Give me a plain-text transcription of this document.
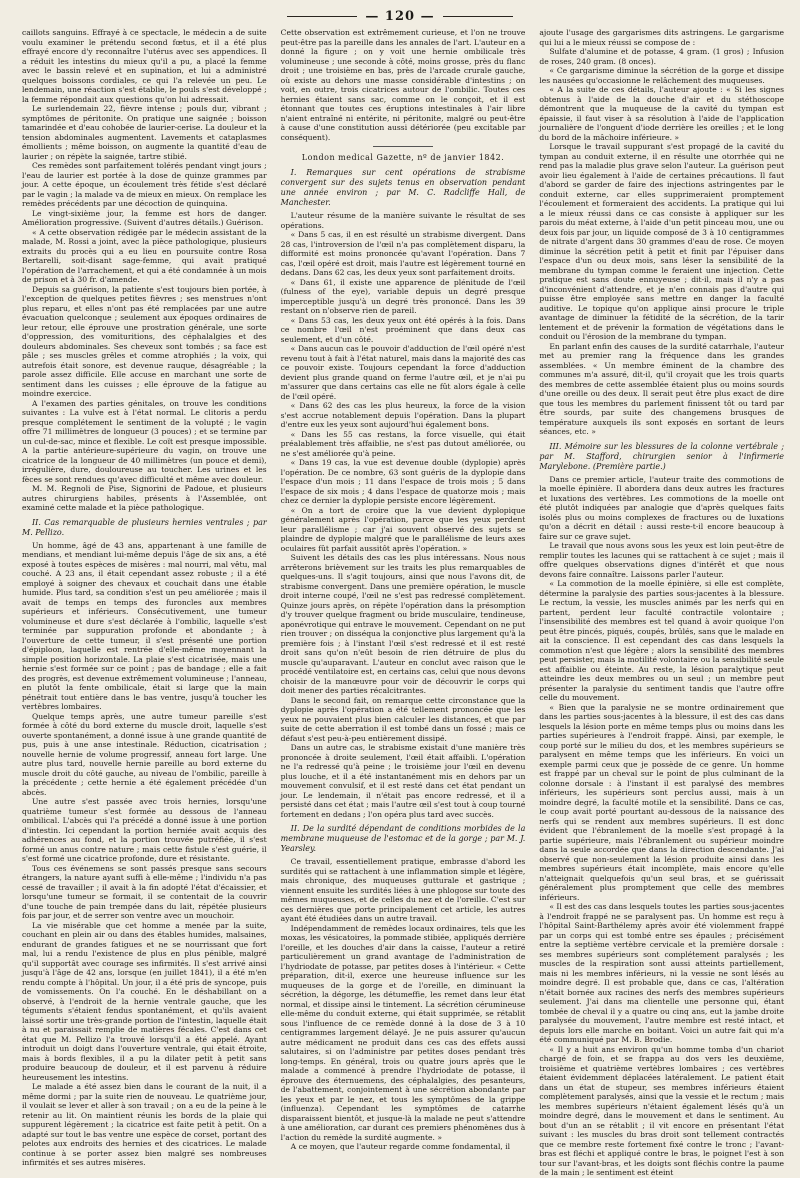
— 120 —

caillots sanguins. Effrayé à ce spectacle, le médecin a de suite voulu examiner le prétendu second fœtus, et il a été plus effrayé encore d'y reconnaître l'utérus avec ses appendices. Il a réduit les intestins du mieux qu'il a pu, a placé la femme avec le bassin relevé et en supination, et lui a administré quelques boissons cordiales, ce qui l'a relevée un peu. Le lendemain, une réaction s'est établie, le pouls s'est développé ; la femme répondait aux questions qu'on lui adressait.

Le surlendemain 22, fièvre intense ; pouls dur, vibrant ; symptômes de péritonite. On pratique une saignée ; boisson tamarindée et d'eau cohobée de laurier-cerise. La douleur et la tension abdominales augmentent. Lavements et cataplasmes émollients ; même boisson, on augmente la quantité d'eau de laurier ; on répète la saignée, tartre stibié.

Ces remèdes sont parfaitement tolérés pendant vingt jours ; l'eau de laurier est portée à la dose de quinze grammes par jour. A cette époque, un écoulement très fétide s'est déclaré par le vagin ; la malade va de mieux en mieux. On remplace les remèdes précédents par une décoction de quinquina.

Le vingt-sixième jour, la femme est hors de danger. Amélioration progressive. (Suivent d'autres détails.) Guérison.

« A cette observation rédigée par le médecin assistant de la malade, M. Rossi a joint, avec la pièce pathologique, plusieurs extraits du procès qui a eu lieu en poursuite contre Rosa Bertarelli, soit-disant sage-femme, qui avait pratiqué l'opération de l'arrachement, et qui a été condamnée à un mois de prison et à 30 fr. d'amende.

Depuis sa guérison, la patiente s'est toujours bien portée, à l'exception de quelques petites fièvres ; ses menstrues n'ont plus reparu, et elles n'ont pas été remplacées par une autre évacuation quelconque ; seulement aux époques ordinaires de leur retour, elle éprouve une prostration générale, une sorte d'oppression, des vomituritions, des céphalalgies et des douleurs abdominales. Ses cheveux sont tombés ; sa face est pâle ; ses muscles grêles et comme atrophiés ; la voix, qui autrefois était sonore, est devenue rauque, désagréable ; la parole assez difficile. Elle accuse en marchant une sorte de sentiment dans les cuisses ; elle éprouve de la fatigue au moindre exercice.

A l'examen des parties génitales, on trouve les conditions suivantes : La vulve est à l'état normal. Le clitoris a perdu presque complétement le sentiment de la volupté ; le vagin offre 71 millimètres de longueur (3 pouces) ; et se termine par un cul-de-sac, mince et flexible. Le coït est presque impossible. A la partie antérieure-supérieure du vagin, on trouve une cicatrice de la longueur de 40 millimètres (un pouce et demi), irrégulière, dure, douloureuse au toucher. Les urines et les fèces se sont rendues qu'avec difficulté et même avec douleur.

M. M. Regnoli de Pise, Signorini de Padoue, et plusieurs autres chirurgiens habiles, présents à l'Assemblée, ont examiné cette malade et la pièce pathologique.

II. Cas remarquable de plusieurs hernies ventrales ; par M. Pellizo.

Un homme, âgé de 43 ans, appartenant à une famille de mendians, et mendiant lui-même depuis l'âge de six ans, a été exposé à toutes espèces de misères : mal nourri, mal vêtu, mal couché. A 23 ans, il était cependant assez robuste ; il a été employé à soigner des chevaux et couchait dans une étable humide. Plus tard, sa condition s'est un peu améliorée ; mais il avait de temps en temps des furoncles aux membres supérieurs et inférieurs. Consécutivement, une tumeur volumineuse et dure s'est déclarée à l'ombilic, laquelle s'est terminée par suppuration profonde et abondante ; à l'ouverture de cette tumeur, il s'est présenté une portion d'épiploon, laquelle est rentrée d'elle-même moyennant la simple position horizontale. La plaie s'est cicatrisée, mais une hernie s'est formée sur ce point ; pas de bandage ; elle a fait des progrès, est devenue extrêmement volumineuse ; l'anneau, en plutôt la fente ombilicale, était si large que la main pénétrait tout entière dans le bas ventre, jusqu'à toucher les vertèbres lombaires.

Quelque temps après, une autre tumeur pareille s'est formée à côté du bord externe du muscle droit, laquelle s'est ouverte spontanément, a donné issue à une grande quantité de pus, puis à une anse intestinale. Réduction, cicatrisation ; nouvelle hernie de volume progressif, anneau fort large. Une autre plus tard, nouvelle hernie pareille au bord externe du muscle droit du côté gauche, au niveau de l'ombilic, pareille à la précédente ; cette hernie a été également précédée d'un abcès.

Une autre s'est passée avec trois hernies, lorsqu'une quatrième tumeur s'est formée au dessous de l'anneau ombilical. L'abcès qui l'a précédé a donné issue à une portion d'intestin. Ici cependant la portion herniée avait acquis des adhérences au fond, et la portion trouvée putréfiée, il s'est formé un anus contre nature ; mais cette fistule s'est guérie, il s'est formé une cicatrice profonde, dure et résistante.

Tous ces événemens se sont passés presque sans secours étrangers, la nature ayant suffi à elle-même ; l'individu n'a pas cessé de travailler ; il avait à la fin adopté l'état d'écaissier, et lorsqu'une tumeur se formait, il se contentait de la couvrir d'une touche de pain trempée dans du lait, répétée plusieurs fois par jour, et de serrer son ventre avec un mouchoir.

La vie misérable que cet homme a menée par la suite, couchant en plein air ou dans des étables humides, malsaines, endurant de grandes fatigues et ne se nourrissant que fort mal, lui a rendu l'existence de plus en plus pénible, malgré qu'il supportât avec courage ses infirmités. Il s'est arrivé ainsi jusqu'à l'âge de 42 ans, lorsque (en juillet 1841), il a été m'en rendu compte à l'hôpital. Un jour, il a été pris de syncope, puis de vomissements. On l'a couché. En le déshabillant on a observé, à l'endroit de la hernie ventrale gauche, que les téguments s'étaient fendus spontanément, et qu'ils avaient laissé sortir une très-grande portion de l'intestin, laquelle était à nu et paraissait remplie de matières fécales. C'est dans cet état que M. Pellizo l'a trouvé lorsqu'il a été appelé. Ayant introduit un doigt dans l'ouverture ventrale, qui était étroite, mais à bords flexibles, il a pu la dilater petit à petit sans produire beaucoup de douleur, et il est parvenu à réduire heureusement les intestins.

Le malade a été assez bien dans le courant de la nuit, il a même dormi ; par la suite rien de nouveau. Le quatrième jour, il voulait se lever et aller à son travail ; on a eu de la peine à le retenir au lit. On maintient réunis les bords de la plaie qui suppurent légèrement ; la cicatrice est faite petit à petit. On a adapté sur tout le bas ventre une espèce de corset, portant des pelotes aux endroits des hernies et des cicatrices. Le malade continue à se porter assez bien malgré ses nombreuses infirmités et ses autres misères.

Cette observation est extrêmement curieuse, et l'on ne trouve peut-être pas la pareille dans les annales de l'art. L'auteur en a donné la figure ; on y voit une hernie ombilicale très volumineuse ; une seconde à côté, moins grosse, près du flanc droit ; une troisième en bas, près de l'arcade crurale gauche, où existe au dehors une masse considérable d'intestins ; on voit, en outre, trois cicatrices autour de l'ombilic. Toutes ces hernies étaient sans sac, comme on le conçoit, et il est étonnant que toutes ces éruptions intestinales à l'air libre n'aient entraîné ni entérite, ni péritonite, malgré ou peut-être à cause d'une constitution aussi détériorée (peu excitable par conséquent).

London medical Gazette, nº de janvier 1842.
I. Remarques sur cent opérations de strabisme convergent sur des sujets tenus en observation pendant une année environ ; par M. C. Radcliffe Hall, de Manchester.

L'auteur résume de la manière suivante le résultat de ses opérations.

« Dans 5 cas, il en est résulté un strabisme divergent. Dans 28 cas, l'introversion de l'œil n'a pas complètement disparu, la difformité est moins prononcée qu'avant l'opération. Dans 7 cas, l'œil opéré est droit, mais l'autre est légèrement tourné en dedans. Dans 62 cas, les deux yeux sont parfaitement droits.

« Dans 61, il existe une apparence de plénitude de l'œil (fulness of the eye), variable depuis un degré presque imperceptible jusqu'à un degré très prononcé. Dans les 39 restant on n'observe rien de pareil.

« Dans 53 cas, les deux yeux ont été opérés à la fois. Dans ce nombre l'œil n'est proéminent que dans deux cas seulement, et d'un côté.

« Dans aucun cas le pouvoir d'adduction de l'œil opéré n'est revenu tout à fait à l'état naturel, mais dans la majorité des cas ce pouvoir existe. Toujours cependant la force d'adduction devient plus grande quand on ferme l'autre œil, et je n'ai pu m'assurer que dans certains cas elle ne fût alors égale à celle de l'œil opéré.

« Dans 62 des cas les plus heureux, la force de la vision s'est accrue notablement depuis l'opération. Dans la plupart d'entre eux les yeux sont aujourd'hui également bons.

« Dans les 55 cas restans, la force visuelle, qui était préalablement très affaiblie, ne s'est pas dutout améliorée, ou ne s'est améliorée qu'à peine.

« Dans 19 cas, la vue est devenue double (dyplopie) après l'opération. De ce nombre, 63 sont guéris de la dyplopie dans l'espace d'un mois ; 11 dans l'espace de trois mois ; 5 dans l'espace de six mois ; 4 dans l'espace de quatorze mois ; mais chez ce dernier la dyplopie persiste encore légèrement.

« On a tort de croire que la vue devient dyplopique généralement après l'opération, parce que les yeux perdent leur parallélisme ; car j'ai souvent observé des sujets se plaindre de dyplopie malgré que le parallélisme de leurs axes oculaires fût parfait aussitôt après l'opération. »

Suivent les détails des cas les plus intéressans. Nous nous arrêterons brièvement sur les traits les plus remarquables de quelques-uns. Il s'agit toujours, ainsi que nous l'avons dit, de strabisme convergent. Dans une première opération, le muscle droit interne coupé, l'œil ne s'est pas redressé complètement. Quinze jours après, on répète l'opération dans la présomption d'y trouver quelque fragment ou bride musculaire, tendineuse, aponévrotique qui entrave le mouvement. Cependant on ne put rien trouver ; on disséqua la conjonctive plus largement qu'à la première fois ; à l'instant l'œil s'est redressé et il est resté droit sans qu'on n'eût besoin de rien détruire de plus du muscle qu'auparavant. L'auteur en conclut avec raison que le procédé ventilatoire est, en certains cas, celui que nous devons choisir de la manœuvre pour voir de découvrir le corps qui doit mener des parties récalcitrantes.

Dans le second fait, on remarque cette circonstance que la dyplopie après l'opération a été tellement prononcée que les yeux ne pouvaient plus bien calculer les distances, et que par suite de cette aberration il est tombé dans un fossé ; mais ce défaut s'est peu-à-peu entièrement dissipé.

Dans un autre cas, le strabisme existait d'une manière très prononcée à droite seulement, l'œil était affaibli. L'opération ne l'a redressé qu'à peine ; le troisième jour l'œil en devenu plus louche, et il a été instantanément mis en dehors par un mouvement convulsif, et il est resté dans cet état pendant un jour. Le lendemain, il n'était pas encore redressé, et il a persisté dans cet état ; mais l'autre œil s'est tout à coup tourné fortement en dedans ; l'on opéra plus tard avec succès.

II. De la surdité dépendant de conditions morbides de la membrane muqueuse de l'estomac et de la gorge ; par M. J. Yearsley.

Ce travail, essentiellement pratique, embrasse d'abord les surdités qui se rattachent à une inflammation simple et légère, mais chronique, des muqueuses gutturale et gastrique ; viennent ensuite les surdités liées à une phlogose sur toute des mêmes muqueuses, et de celles du nez et de l'oreille. C'est sur ces dernières que porte principalement cet article, les autres ayant été étudiées dans un autre travail.

Indépendamment de remèdes locaux ordinaires, tels que les moxas, les vésicatoires, la pommade stibiée, appliqués derrière l'oreille, et les douches d'air dans la caisse, l'auteur a retiré particulièrement un grand avantage de l'administration de l'hydriodate de potasse, par petites doses à l'intérieur. « Cette préparation, dit-il, exerce une heureuse influence sur les muqueuses de la gorge et de l'oreille, en diminuant la sécrétion, la dégorge, les détumeffie, les remet dans leur état normal, et dissipe ainsi le tintement. La sécrétion cérumineuse elle-même du conduit externe, qui était supprimée, se rétablit sous l'influence de ce remède donné à la dose de 3 à 10 centigrammes largement délayé. Je ne puis assurer qu'aucun autre médicament ne produit dans ces cas des effets aussi salutaires, si on l'administre par petites doses pendant très long-temps. En général, trois ou quatre jours après que le malade a commencé à prendre l'hydriodate de potasse, il éprouve des éternuemens, des céphalalgies, des pesanteurs, de l'abattement, conjointement à une sécrétion abondante par les yeux et par le nez, et tous les symptômes de la grippe (influenza). Cependant les symptômes de catarrhe disparaissent bientôt, et jusque-là la malade ne peut s'attendre à une amélioration, car durant ces premiers phénomènes dus à l'action du remède la surdité augmente. »

A ce moyen, que l'auteur regarde comme fondamental, il

ajoute l'usage des gargarismes dits astringens. Le gargarisme qui lui a le mieux réussi se compose de :

Sulfate d'alumine et de potasse, 4 gram. (1 gros) ; Infusion de roses, 240 gram. (8 onces).

« Ce gargarisme diminue la sécrétion de la gorge et dissipe les nausées qu'occasionne le relâchement des muqueuses.

« A la suite de ces détails, l'auteur ajoute : « Si les signes obtenus à l'aide de la douche d'air et du stéthoscope démontrent que la muqueuse de la cavité du tympan est épaissie, il faut viser à sa résolution à l'aide de l'application journalière de l'onguent d'iode derrière les oreilles ; et le long du bord de la mâchoire inférieure. »

Lorsque le travail suppurant s'est propagé de la cavité du tympan au conduit externe, il en résulte une otorrhée qui ne rend pas la maladie plus grave selon l'auteur. La guérison peut avoir lieu également à l'aide de certaines précautions. Il faut d'abord se garder de faire des injections astringentes par le conduit externe, car elles supprimeraient promptement l'écoulement et formeraient des accidents. La pratique qui lui a le mieux réussi dans ce cas consiste à appliquer sur les parois du méat externe, à l'aide d'un petit pinceau mou, une ou deux fois par jour, un liquide composé de 3 à 10 centigrammes de nitrate d'argent dans 30 grammes d'eau de rose. Ce moyen diminue la sécrétion petit à petit et finit par l'épuiser dans l'espace d'un ou deux mois, sans léser la sensibilité de la membrane du tympan comme le feraient une injection. Cette pratique est sans doute ennuyeuse ; dit-il, mais il n'y a pas d'inconvénient d'attendre, et je n'en connais pas d'autre qui puisse être employée sans mettre en danger la faculté auditive. Le topique qu'on applique ainsi procure le triple avantage de diminuer la fétidité de la sécrétion, de la tarir lentement et de prévenir la formation de végétations dans le conduit ou l'érosion de la membrane du tympan.

En parlant enfin des causes de la surdité catarrhale, l'auteur met au premier rang la fréquence dans les grandes assemblées. « Un membre éminent de la chambre des communes m'a assuré, dit-il, qu'il croyait que les trois quarts des membres de cette assemblée étaient plus ou moins sourds d'une oreille ou des deux. Il serait peut être plus exact de dire que tous les membres du parlement finissent tôt ou tard par être sourds, par suite des changemens brusques de température auxquels ils sont exposés en sortant de leurs séances, etc. »

III. Mémoire sur les blessures de la colonne vertébrale ; par M. Stafford, chirurgien senior à l'infirmerie Marylebone. (Première partie.)

Dans ce premier article, l'auteur traite des commotions de la moelle épinière. Il abordera dans deux autres les fractures et luxations des vertèbres. Les commotions de la moelle ont été plutôt indiquées par analogie que d'après quelques faits isolés plus ou moins complexes de fractures ou de luxations qu'on a décrit en détail : aussi reste-t-il encore beaucoup à faire sur ce grave sujet.

Le travail que nous avons sous les yeux est loin peut-être de remplir toutes les lacunes qui se rattachent à ce sujet ; mais il offre quelques observations dignes d'intérêt et que nous devons faire connaître. Laissons parler l'auteur.

« La commotion de la moelle épinière, si elle est complète, détermine la paralysie des parties sous-jacentes à la blessure. Le rectum, la vessie, les muscles animés par les nerfs qui en partent, perdent leur faculté contractile volontaire ; l'insensibilité des membres est tel quand à avoir quoique l'on peut être pincés, piqués, coupés, brûlés, sans que le malade en ait la conscience. Il est cependant des cas dans lesquels la commotion n'est que légère ; alors la sensibilité des membres peut persister, mais la motilité volontaire ou la sensibilité seule est affaiblie ou éteinte. Au reste, la lésion paralytique peut atteindre les deux membres ou un seul ; un membre peut présenter la paralysie du sentiment tandis que l'autre offre celle du mouvement.

« Bien que la paralysie ne se montre ordinairement que dans les parties sous-jacentes à la blessure, il est des cas dans lesquels la lésion porte en même temps plus ou moins dans les parties supérieures à l'endroit frappé. Ainsi, par exemple, le coup porté sur le milieu du dos, et les membres supérieurs se paralysent en même temps que les inférieurs. En voici un exemple parmi ceux que je possède de ce genre. Un homme est frappé par un cheval sur le point de plus culminant de la colonne dorsale : à l'instant il est paralysé des membres inférieurs, les supérieurs sont perclus aussi, mais à un moindre degré, la faculté motile et la sensibilité. Dans ce cas, le coup avait porté pourtant au-dessous de la naissance des nerfs qui se rendent aux membres supérieurs. Il est donc évident que l'ébranlement de la moelle s'est propagé à la partie supérieure, mais l'ébranlement ou supérieur moindre dans la seule accordée que dans la direction descendante. J'ai observé que non-seulement la lésion produite ainsi dans les membres supérieurs était incomplète, mais encore qu'elle n'atteignait quelquefois qu'un seul bras, et se guérissait généralement plus promptement que celle des membres inférieurs.

« Il est des cas dans lesquels toutes les parties sous-jacentes à l'endroit frappé ne se paralysent pas. Un homme est reçu à l'hôpital Saint-Barthélemy après avoir été violemment frappé par un corps qui est tombé entre ses épaules ; précisément entre la septième vertèbre cervicale et la première dorsale : ses membres supérieurs sont complétement paralysés ; les muscles de la respiration sont aussi atteints partiellement, mais ni les membres inférieurs, ni la vessie ne sont lésés au moindre degré. Il est probable que, dans ce cas, l'altération n'était bornée aux racines des nerfs des membres supérieurs seulement. J'ai dans ma clientelle une personne qui, étant tombée de cheval il y a quatre ou cinq ans, eut la jambe droite paralysée du mouvement, l'autre membre est resté intact, et depuis lors elle marche en boitant. Voici un autre fait qui m'a été communiqué par M. B. Brodie.

« Il y a huit ans environ qu'un homme tomba d'un chariot chargé de foin, et se frappa au dos vers les deuxième, troisième et quatrième vertèbres lombaires ; ces vertèbres étaient évidemment déplacées latéralement. Le patient était dans un état de stupeur, ses membres inférieurs étaient complètement paralysés, ainsi que la vessie et le rectum ; mais les membres supérieurs n'étaient également lésés qu'à un moindre degré, dans le mouvement et dans le sentiment. Au bout d'un an se rétablit ; il vit encore en présentant l'état suivant : les muscles du bras droit sont tellement contractés que ce membre reste fortement fixé contre le tronc ; l'avant-bras est fléchi et appliqué contre le bras, le poignet l'est à son tour sur l'avant-bras, et les doigts sont fléchis contre la paume de la main ; le sentiment est éteint
